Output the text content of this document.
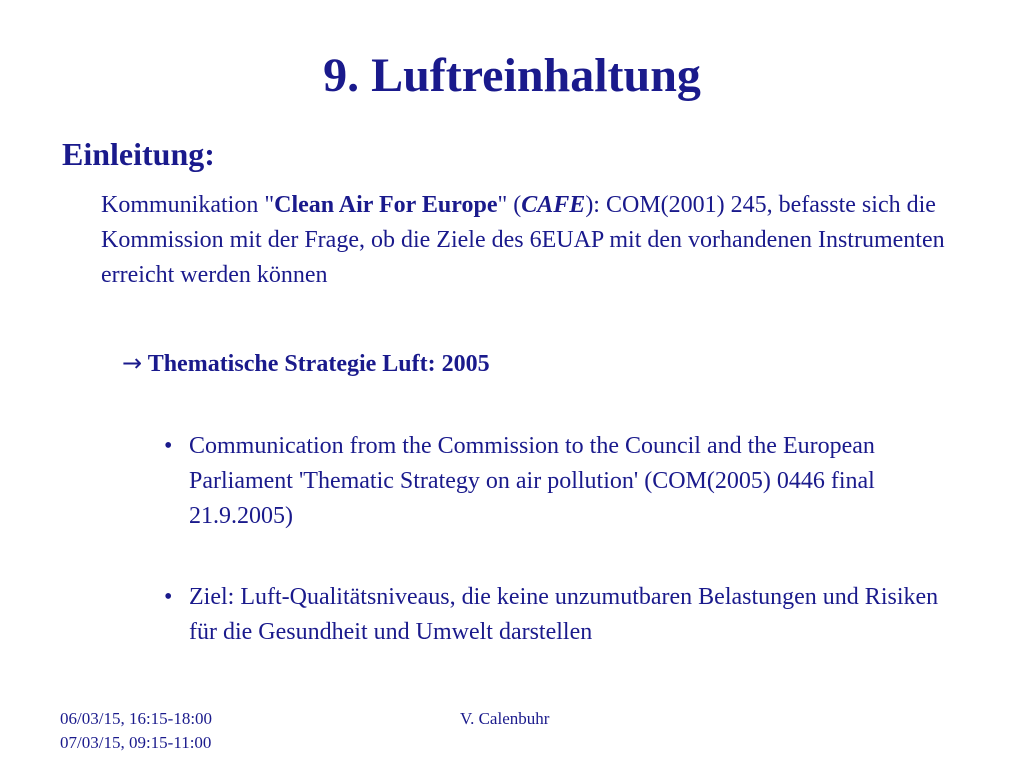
9. Luftreinhaltung
Einleitung:

Kommunikation "Clean Air For Europe" (CAFE): COM(2001) 245, befasste sich die Kommission mit der Frage, ob die Ziele des 6EUAP mit den vorhandenen Instrumenten erreicht werden können

→ Thematische Strategie Luft: 2005

• Communication from the Commission to the Council and the European Parliament 'Thematic Strategy on air pollution' (COM(2005) 0446 final 21.9.2005)
• Ziel: Luft-Qualitätsniveaus, die keine unzumutbaren Belastungen und Risiken für die Gesundheit und Umwelt darstellen
06/03/15, 16:15-18:00
07/03/15, 09:15-11:00
V. Calenbuhr
